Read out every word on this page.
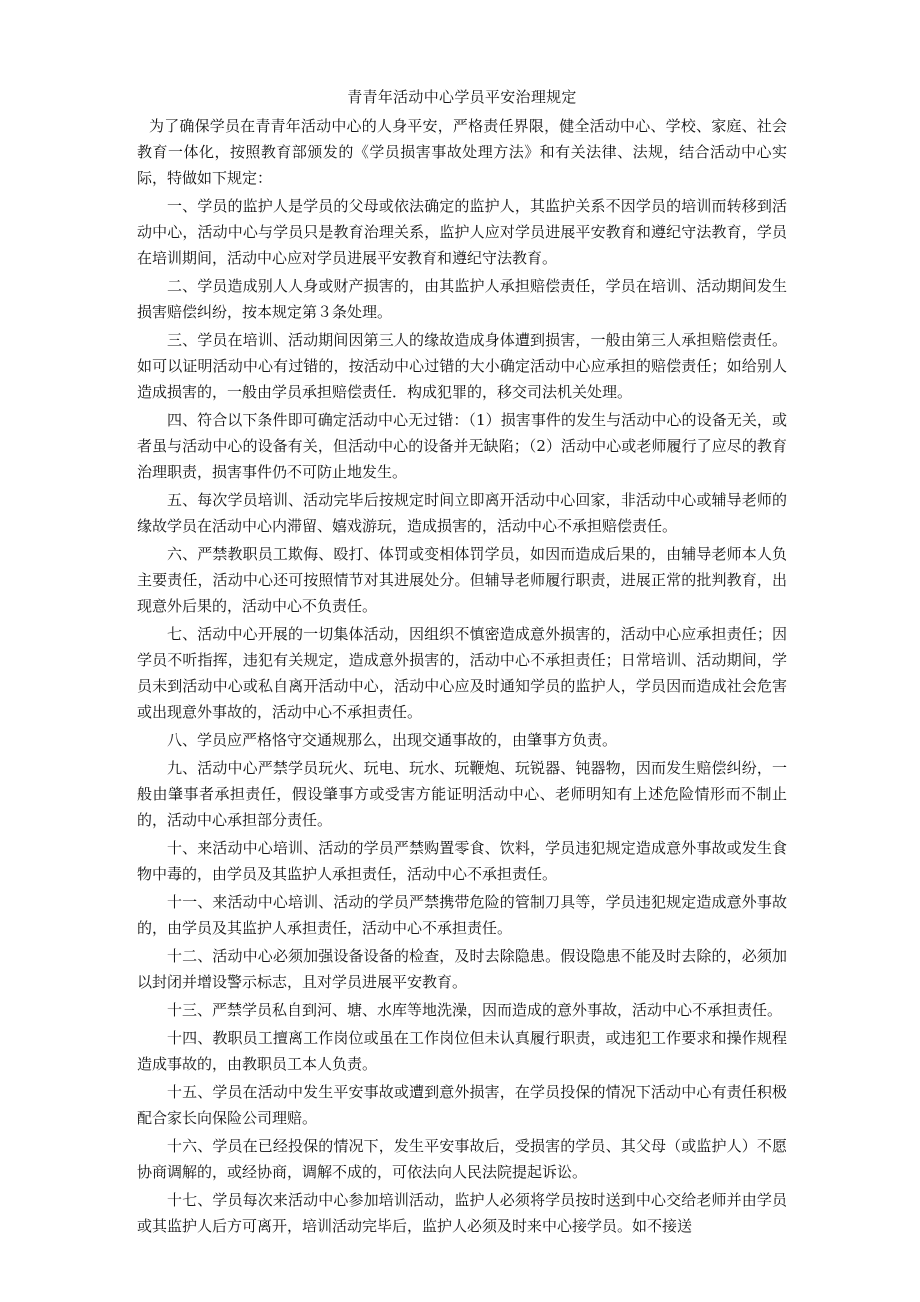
青青年活动中心学员平安治理规定

为了确保学员在青青年活动中心的人身平安，严格责任界限，健全活动中心、学校、家庭、社会教育一体化，按照教育部颁发的《学员损害事故处理方法》和有关法律、法规，结合活动中心实际，特做如下规定：

一、学员的监护人是学员的父母或依法确定的监护人，其监护关系不因学员的培训而转移到活动中心，活动中心与学员只是教育治理关系，监护人应对学员进展平安教育和遵纪守法教育，学员在培训期间，活动中心应对学员进展平安教育和遵纪守法教育。

二、学员造成别人人身或财产损害的，由其监护人承担赔偿责任，学员在培训、活动期间发生损害赔偿纠纷，按本规定第３条处理。

三、学员在培训、活动期间因第三人的缘故造成身体遭到损害，一般由第三人承担赔偿责任。如可以证明活动中心有过错的，按活动中心过错的大小确定活动中心应承担的赔偿责任；如给别人造成损害的，一般由学员承担赔偿责任．构成犯罪的，移交司法机关处理。

四、符合以下条件即可确定活动中心无过错：（1）损害事件的发生与活动中心的设备无关，或者虽与活动中心的设备有关，但活动中心的设备并无缺陷；（2）活动中心或老师履行了应尽的教育治理职责，损害事件仍不可防止地发生。

五、每次学员培训、活动完毕后按规定时间立即离开活动中心回家，非活动中心或辅导老师的缘故学员在活动中心内滞留、嬉戏游玩，造成损害的，活动中心不承担赔偿责任。

六、严禁教职员工欺侮、殴打、体罚或变相体罚学员，如因而造成后果的，由辅导老师本人负主要责任，活动中心还可按照情节对其进展处分。但辅导老师履行职责，进展正常的批判教育，出现意外后果的，活动中心不负责任。

七、活动中心开展的一切集体活动，因组织不慎密造成意外损害的，活动中心应承担责任；因学员不听指挥，违犯有关规定，造成意外损害的，活动中心不承担责任；日常培训、活动期间，学员未到活动中心或私自离开活动中心，活动中心应及时通知学员的监护人，学员因而造成社会危害或出现意外事故的，活动中心不承担责任。

八、学员应严格恪守交通规那么，出现交通事故的，由肇事方负责。

九、活动中心严禁学员玩火、玩电、玩水、玩鞭炮、玩锐器、钝器物，因而发生赔偿纠纷，一般由肇事者承担责任，假设肇事方或受害方能证明活动中心、老师明知有上述危险情形而不制止的，活动中心承担部分责任。

十、来活动中心培训、活动的学员严禁购置零食、饮料，学员违犯规定造成意外事故或发生食物中毒的，由学员及其监护人承担责任，活动中心不承担责任。

十一、来活动中心培训、活动的学员严禁携带危险的管制刀具等，学员违犯规定造成意外事故的，由学员及其监护人承担责任，活动中心不承担责任。

十二、活动中心必须加强设备设备的检查，及时去除隐患。假设隐患不能及时去除的，必须加以封闭并增设警示标志，且对学员进展平安教育。

十三、严禁学员私自到河、塘、水库等地洗澡，因而造成的意外事故，活动中心不承担责任。

十四、教职员工擅离工作岗位或虽在工作岗位但未认真履行职责，或违犯工作要求和操作规程造成事故的，由教职员工本人负责。

十五、学员在活动中发生平安事故或遭到意外损害，在学员投保的情况下活动中心有责任积极配合家长向保险公司理赔。

十六、学员在已经投保的情况下，发生平安事故后，受损害的学员、其父母（或监护人）不愿协商调解的，或经协商，调解不成的，可依法向人民法院提起诉讼。

十七、学员每次来活动中心参加培训活动，监护人必须将学员按时送到中心交给老师并由学员或其监护人后方可离开，培训活动完毕后，监护人必须及时来中心接学员。如不接送
